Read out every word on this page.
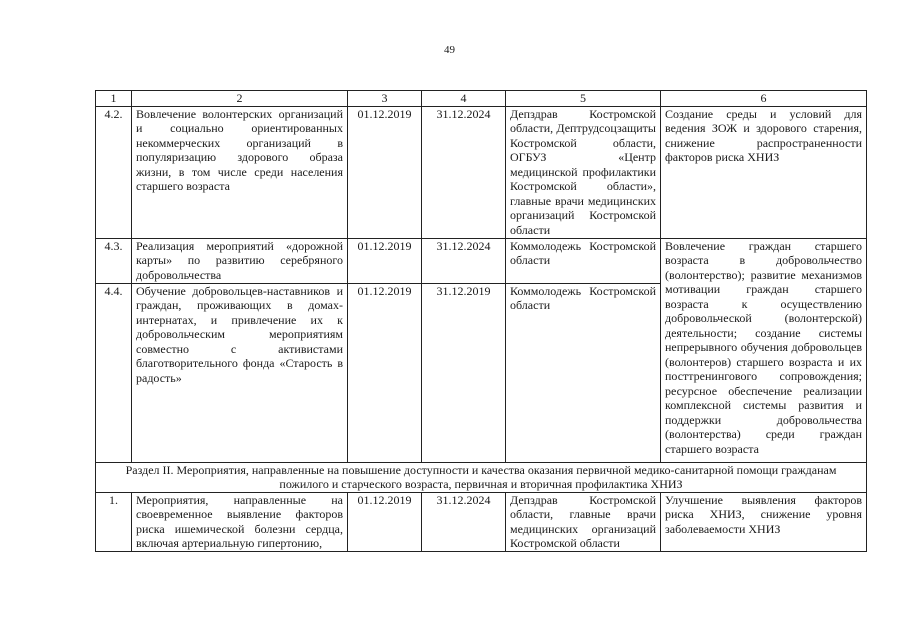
49
1	2	3	4	5	6
4.2.	Вовлечение волонтерских организаций и социально ориентированных некоммерческих организаций в популяризацию здорового образа жизни, в том числе среди населения старшего возраста	01.12.2019	31.12.2024	Депздрав Костромской области, Дептрудсоцзащиты Костромской области, ОГБУЗ «Центр медицинской профилактики Костромской области», главные врачи медицинских организаций Костромской области	Создание среды и условий для ведения ЗОЖ и здорового старения, снижение распространенности факторов риска ХНИЗ
4.3.	Реализация мероприятий «дорожной карты» по развитию серебряного добровольчества	01.12.2019	31.12.2024	Коммолодежь Костромской области	Вовлечение граждан старшего возраста в добровольчество (волонтерство); развитие механизмов мотивации граждан старшего возраста к осуществлению добровольческой (волонтерской) деятельности; создание системы непрерывного обучения добровольцев (волонтеров) старшего возраста и их посттренингового сопровождения; ресурсное обеспечение реализации комплексной системы развития и поддержки добровольчества (волонтерства) среди граждан старшего возраста
4.4.	Обучение добровольцев-наставников и граждан, проживающих в домах-интернатах, и привлечение их к добровольческим мероприятиям совместно с активистами благотворительного фонда «Старость в радость»	01.12.2019	31.12.2019	Коммолодежь Костромской области	
Раздел II. Мероприятия, направленные на повышение доступности и качества оказания первичной медико-санитарной помощи гражданам пожилого и старческого возраста, первичная и вторичная профилактика ХНИЗ					
1.	Мероприятия, направленные на своевременное выявление факторов риска ишемической болезни сердца, включая артериальную гипертонию,	01.12.2019	31.12.2024	Депздрав Костромской области, главные врачи медицинских организаций Костромской области	Улучшение выявления факторов риска ХНИЗ, снижение уровня заболеваемости ХНИЗ
